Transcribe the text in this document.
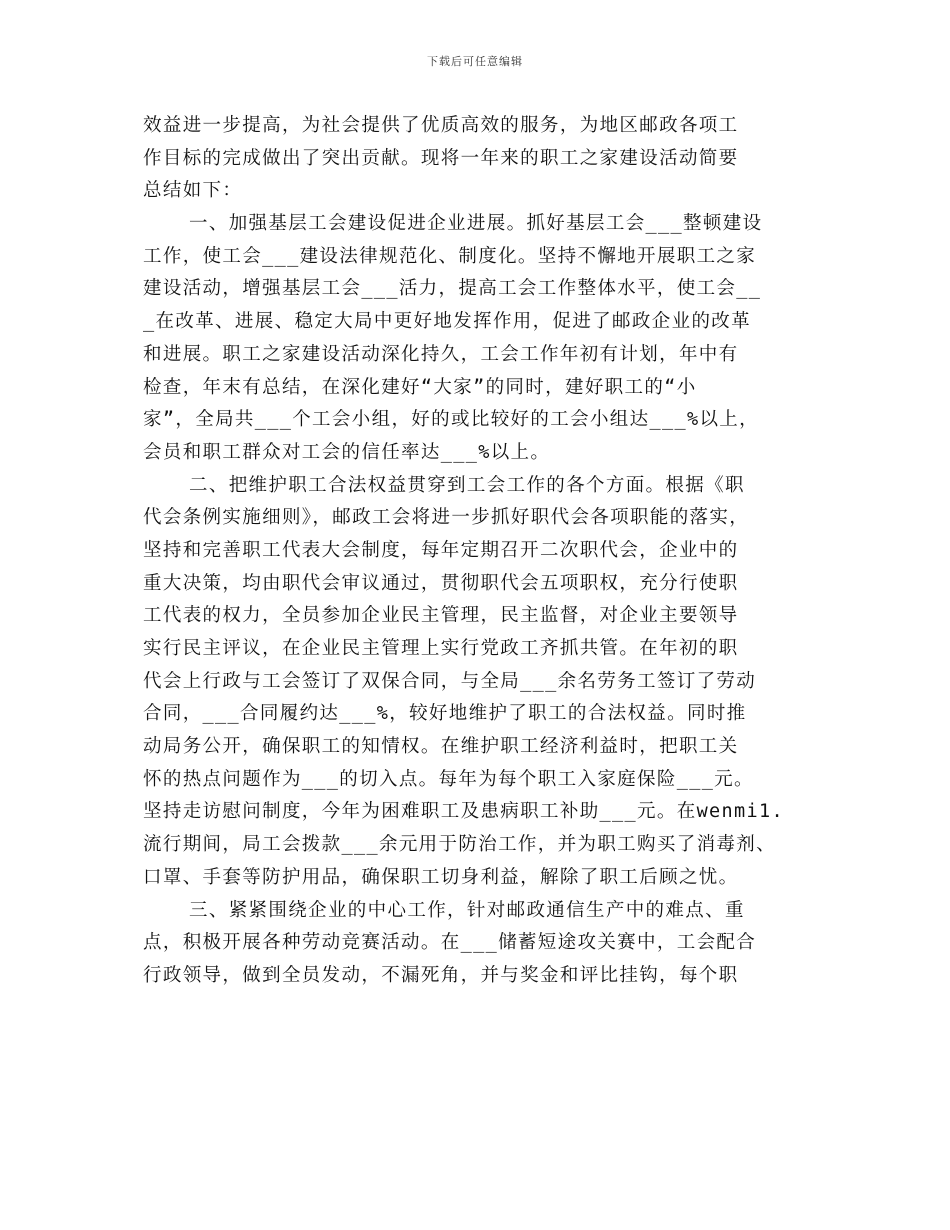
下载后可任意编辑
效益进一步提高，为社会提供了优质高效的服务，为地区邮政各项工
作目标的完成做出了突出贡献。现将一年来的职工之家建设活动简要
总结如下：
一、加强基层工会建设促进企业进展。抓好基层工会___整顿建设
工作，使工会___建设法律规范化、制度化。坚持不懈地开展职工之家
建设活动，增强基层工会___活力，提高工会工作整体水平，使工会__
_在改革、进展、稳定大局中更好地发挥作用，促进了邮政企业的改革
和进展。职工之家建设活动深化持久，工会工作年初有计划，年中有
检查，年末有总结，在深化建好“大家”的同时，建好职工的“小
家”，全局共___个工会小组，好的或比较好的工会小组达___%以上，
会员和职工群众对工会的信任率达___%以上。
二、把维护职工合法权益贯穿到工会工作的各个方面。根据《职
代会条例实施细则》，邮政工会将进一步抓好职代会各项职能的落实，
坚持和完善职工代表大会制度，每年定期召开二次职代会，企业中的
重大决策，均由职代会审议通过，贯彻职代会五项职权，充分行使职
工代表的权力，全员参加企业民主管理，民主监督，对企业主要领导
实行民主评议，在企业民主管理上实行党政工齐抓共管。在年初的职
代会上行政与工会签订了双保合同，与全局___余名劳务工签订了劳动
合同，___合同履约达___%，较好地维护了职工的合法权益。同时推
动局务公开，确保职工的知情权。在维护职工经济利益时，把职工关
怀的热点问题作为___的切入点。每年为每个职工入家庭保险___元。
坚持走访慰问制度，今年为困难职工及患病职工补助___元。在wenmi1.
流行期间，局工会拨款___余元用于防治工作，并为职工购买了消毒剂、
口罩、手套等防护用品，确保职工切身利益，解除了职工后顾之忧。
三、紧紧围绕企业的中心工作，针对邮政通信生产中的难点、重
点，积极开展各种劳动竞赛活动。在___储蓄短途攻关赛中，工会配合
行政领导，做到全员发动，不漏死角，并与奖金和评比挂钩，每个职
